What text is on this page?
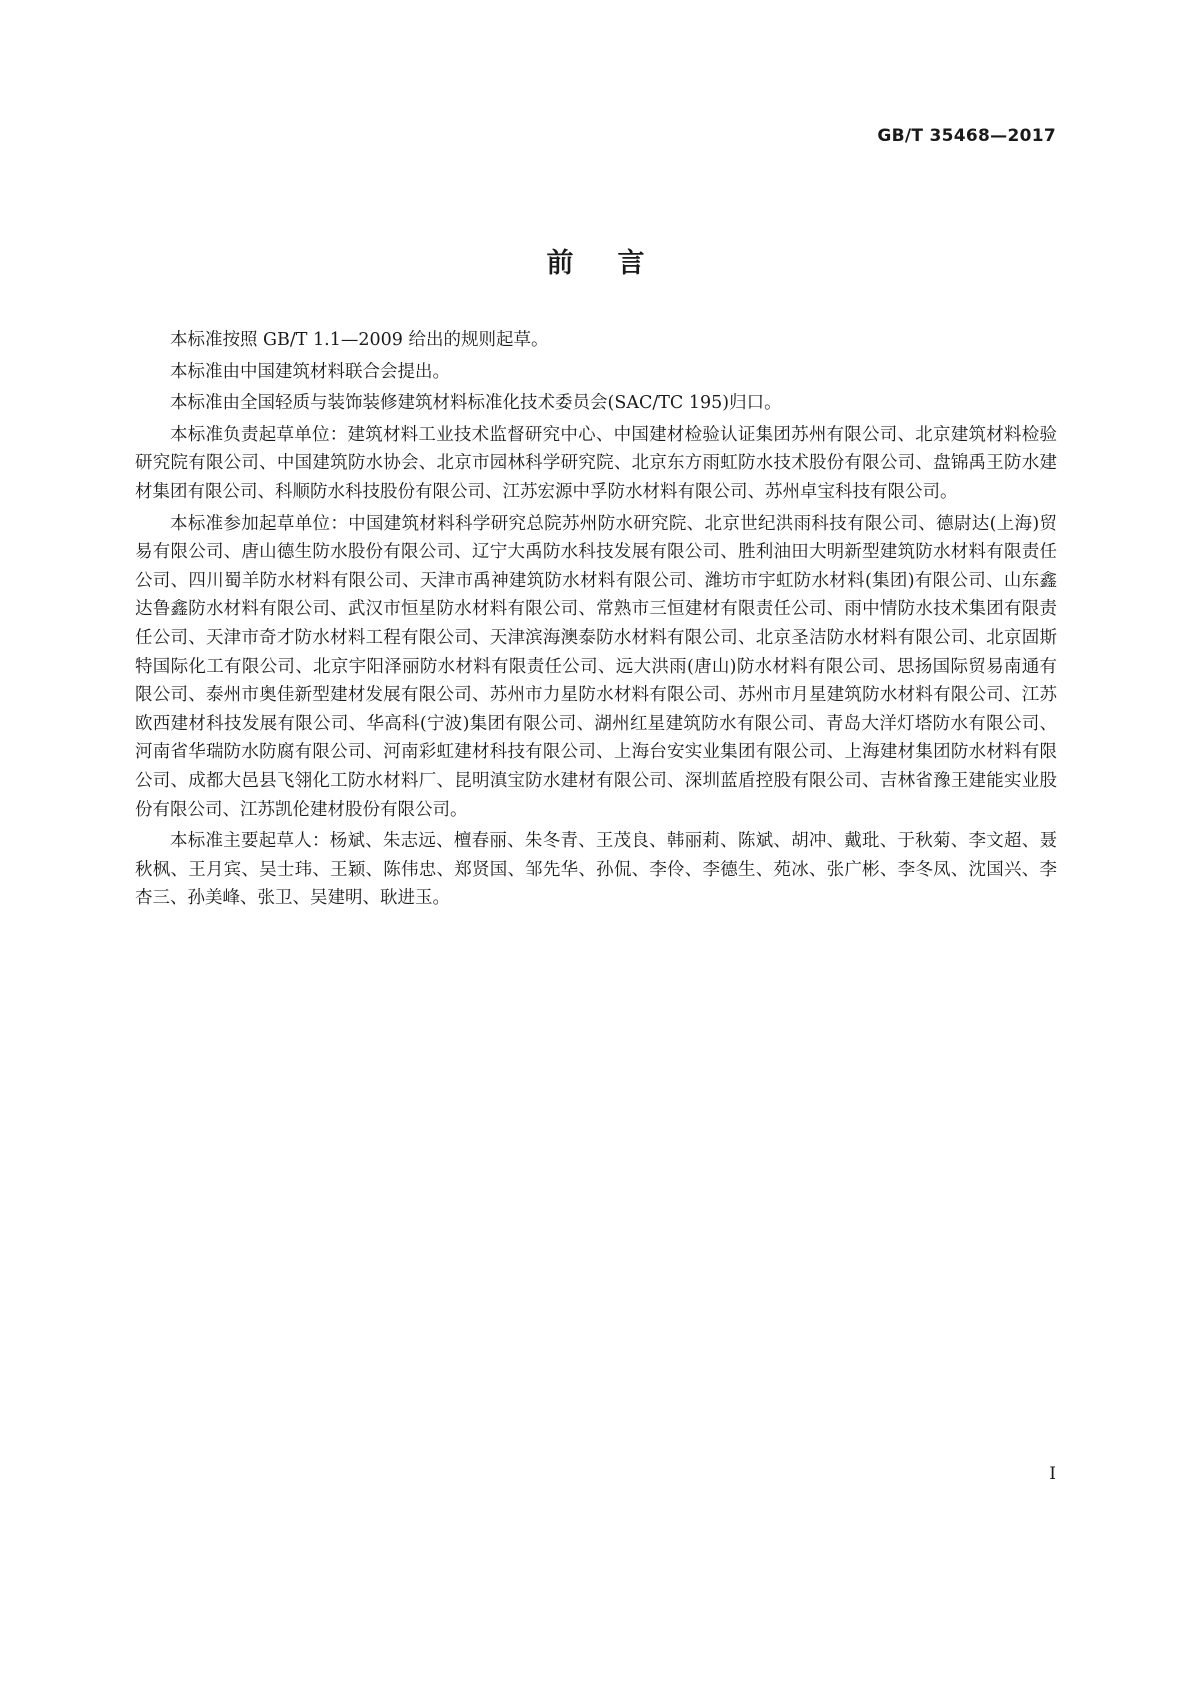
GB/T 35468—2017
前言

本标准按照 GB/T 1.1—2009 给出的规则起草。

本标准由中国建筑材料联合会提出。

本标准由全国轻质与装饰装修建筑材料标准化技术委员会(SAC/TC 195)归口。

本标准负责起草单位：建筑材料工业技术监督研究中心、中国建材检验认证集团苏州有限公司、北京建筑材料检验研究院有限公司、中国建筑防水协会、北京市园林科学研究院、北京东方雨虹防水技术股份有限公司、盘锦禹王防水建材集团有限公司、科顺防水科技股份有限公司、江苏宏源中孚防水材料有限公司、苏州卓宝科技有限公司。

本标准参加起草单位：中国建筑材料科学研究总院苏州防水研究院、北京世纪洪雨科技有限公司、德尉达(上海)贸易有限公司、唐山德生防水股份有限公司、辽宁大禹防水科技发展有限公司、胜利油田大明新型建筑防水材料有限责任公司、四川蜀羊防水材料有限公司、天津市禹神建筑防水材料有限公司、潍坊市宇虹防水材料(集团)有限公司、山东鑫达鲁鑫防水材料有限公司、武汉市恒星防水材料有限公司、常熟市三恒建材有限责任公司、雨中情防水技术集团有限责任公司、天津市奇才防水材料工程有限公司、天津滨海澳泰防水材料有限公司、北京圣洁防水材料有限公司、北京固斯特国际化工有限公司、北京宇阳泽丽防水材料有限责任公司、远大洪雨(唐山)防水材料有限公司、思扬国际贸易南通有限公司、泰州市奥佳新型建材发展有限公司、苏州市力星防水材料有限公司、苏州市月星建筑防水材料有限公司、江苏欧西建材科技发展有限公司、华高科(宁波)集团有限公司、湖州红星建筑防水有限公司、青岛大洋灯塔防水有限公司、河南省华瑞防水防腐有限公司、河南彩虹建材科技有限公司、上海台安实业集团有限公司、上海建材集团防水材料有限公司、成都大邑县飞翎化工防水材料厂、昆明滇宝防水建材有限公司、深圳蓝盾控股有限公司、吉林省豫王建能实业股份有限公司、江苏凯伦建材股份有限公司。

本标准主要起草人：杨斌、朱志远、檀春丽、朱冬青、王茂良、韩丽莉、陈斌、胡冲、戴玭、于秋菊、李文超、聂秋枫、王月宾、吴士玮、王颖、陈伟忠、郑贤国、邹先华、孙侃、李伶、李德生、苑冰、张广彬、李冬凤、沈国兴、李杏三、孙美峰、张卫、吴建明、耿进玉。

I
